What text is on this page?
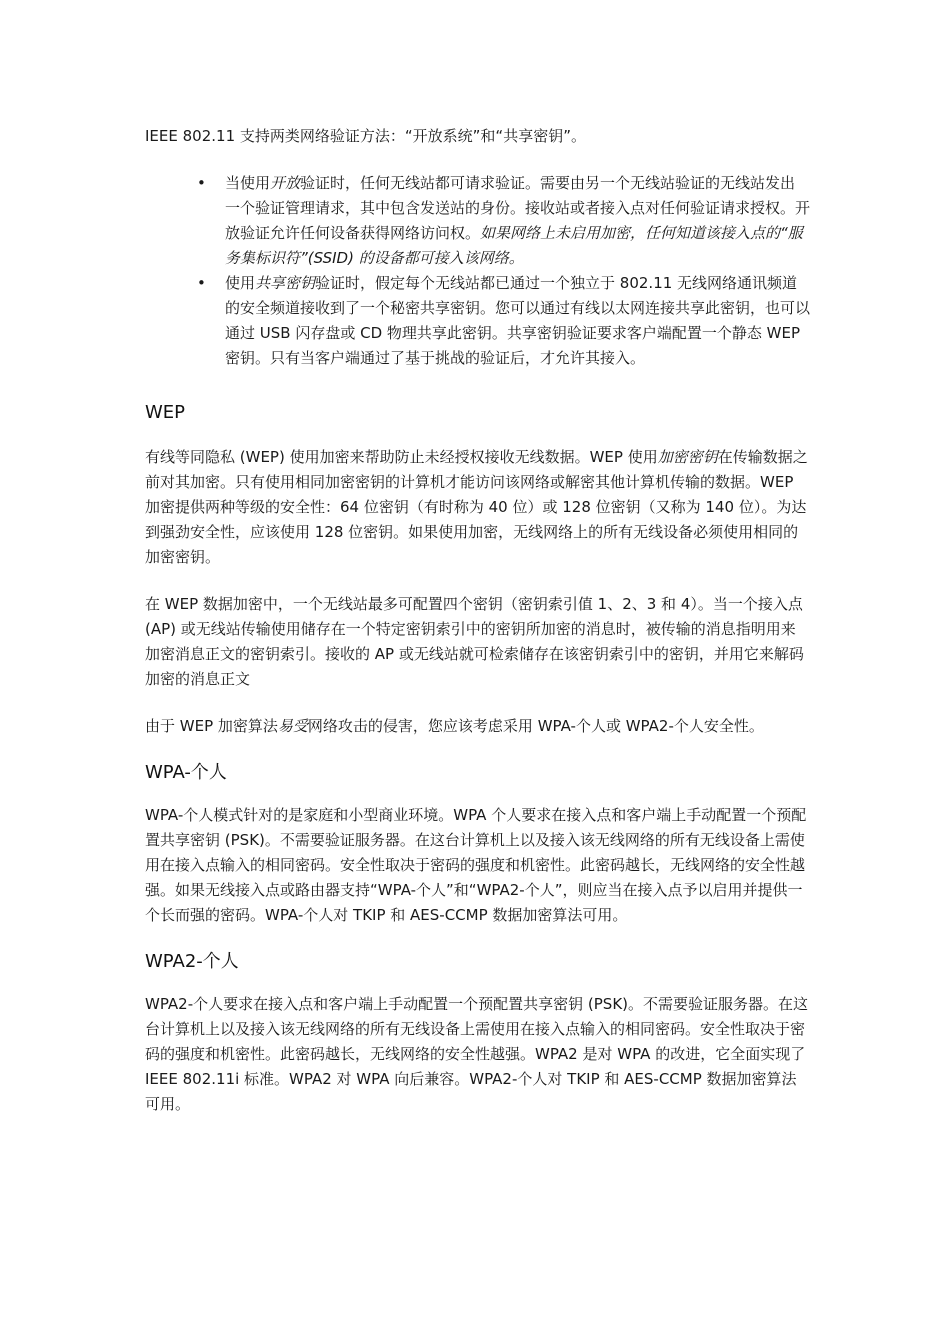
IEEE 802.11 支持两类网络验证方法：“开放系统”和“共享密钥”。

• 当使用开放验证时，任何无线站都可请求验证。需要由另一个无线站验证的无线站发出一个验证管理请求，其中包含发送站的身份。接收站或者接入点对任何验证请求授权。开放验证允许任何设备获得网络访问权。如果网络上未启用加密，任何知道该接入点的“服务集标识符”(SSID) 的设备都可接入该网络。
• 使用共享密钥验证时，假定每个无线站都已通过一个独立于 802.11 无线网络通讯频道的安全频道接收到了一个秘密共享密钥。您可以通过有线以太网连接共享此密钥，也可以通过 USB 闪存盘或 CD 物理共享此密钥。共享密钥验证要求客户端配置一个静态 WEP 密钥。只有当客户端通过了基于挑战的验证后，才允许其接入。
WEP

有线等同隐私 (WEP) 使用加密来帮助防止未经授权接收无线数据。WEP 使用加密密钥在传输数据之前对其加密。只有使用相同加密密钥的计算机才能访问该网络或解密其他计算机传输的数据。WEP 加密提供两种等级的安全性：64 位密钥（有时称为 40 位）或 128 位密钥（又称为 140 位）。为达到强劲安全性，应该使用 128 位密钥。如果使用加密，无线网络上的所有无线设备必须使用相同的加密密钥。

在 WEP 数据加密中，一个无线站最多可配置四个密钥（密钥索引值 1、2、3 和 4）。当一个接入点 (AP) 或无线站传输使用储存在一个特定密钥索引中的密钥所加密的消息时，被传输的消息指明用来加密消息正文的密钥索引。接收的 AP 或无线站就可检索储存在该密钥索引中的密钥，并用它来解码加密的消息正文

由于 WEP 加密算法易受网络攻击的侵害，您应该考虑采用 WPA-个人或 WPA2-个人安全性。

WPA-个人

WPA-个人模式针对的是家庭和小型商业环境。WPA 个人要求在接入点和客户端上手动配置一个预配置共享密钥 (PSK)。不需要验证服务器。在这台计算机上以及接入该无线网络的所有无线设备上需使用在接入点输入的相同密码。安全性取决于密码的强度和机密性。此密码越长，无线网络的安全性越强。如果无线接入点或路由器支持“WPA-个人”和“WPA2-个人”，则应当在接入点予以启用并提供一个长而强的密码。WPA-个人对 TKIP 和 AES-CCMP 数据加密算法可用。

WPA2-个人

WPA2-个人要求在接入点和客户端上手动配置一个预配置共享密钥 (PSK)。不需要验证服务器。在这台计算机上以及接入该无线网络的所有无线设备上需使用在接入点输入的相同密码。安全性取决于密码的强度和机密性。此密码越长，无线网络的安全性越强。WPA2 是对 WPA 的改进，它全面实现了 IEEE 802.11i 标准。WPA2 对 WPA 向后兼容。WPA2-个人对 TKIP 和 AES-CCMP 数据加密算法可用。
